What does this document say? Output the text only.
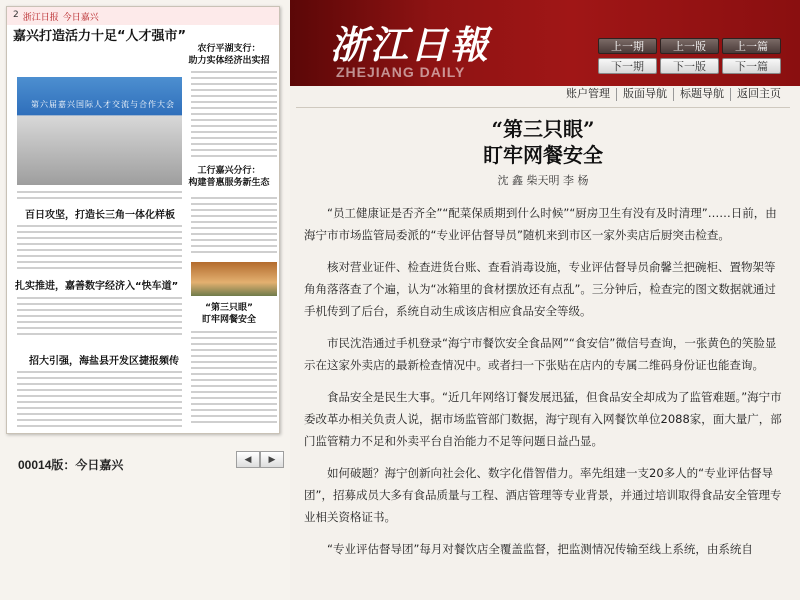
2 浙江日报 今日嘉兴
嘉兴打造活力十足“人才强市”
农行平湖支行：
助力实体经济出实招
第六届嘉兴国际人才交流与合作大会
工行嘉兴分行：
构建普惠服务新生态
百日攻坚，打造长三角一体化样板
扎实推进，嘉善数字经济入“快车道”
“第三只眼”
盯牢网餐安全
招大引强，海盐县开发区捷报频传
00014版：今日嘉兴	◀ ▶
浙江日報
ZHEJIANG DAILY
上一期	上一版	上一篇
下一期	下一版	下一篇
账户管理	版面导航	标题导航	返回主页
“第三只眼”
盯牢网餐安全
沈 鑫 柴天明 李 杨

“员工健康证是否齐全”“配菜保质期到什么时候”“厨房卫生有没有及时清理”……日前，由海宁市市场监管局委派的“专业评估督导员”随机来到市区一家外卖店后厨突击检查。

核对营业证件、检查进货台账、查看消毒设施，专业评估督导员俞馨兰把碗柜、置物架等角角落落查了个遍，认为“冰箱里的食材摆放还有点乱”。三分钟后，检查完的图文数据就通过手机传到了后台，系统自动生成该店相应食品安全等级。

市民沈浩通过手机登录“海宁市餐饮安全食品网”“食安信”微信号查询，一张黄色的笑脸显示在这家外卖店的最新检查情况中。或者扫一下张贴在店内的专属二维码身份证也能查询。

食品安全是民生大事。“近几年网络订餐发展迅猛，但食品安全却成为了监管难题。”海宁市委改革办相关负责人说，据市场监管部门数据，海宁现有入网餐饮单位2088家，面大量广，部门监管精力不足和外卖平台自治能力不足等问题日益凸显。

如何破题？海宁创新向社会化、数字化借智借力。率先组建一支20多人的“专业评估督导团”，招募成员大多有食品质量与工程、酒店管理等专业背景，并通过培训取得食品安全管理专业相关资格证书。

“专业评估督导团”每月对餐饮店全覆盖监督，把监测情况传输至线上系统，由系统自
